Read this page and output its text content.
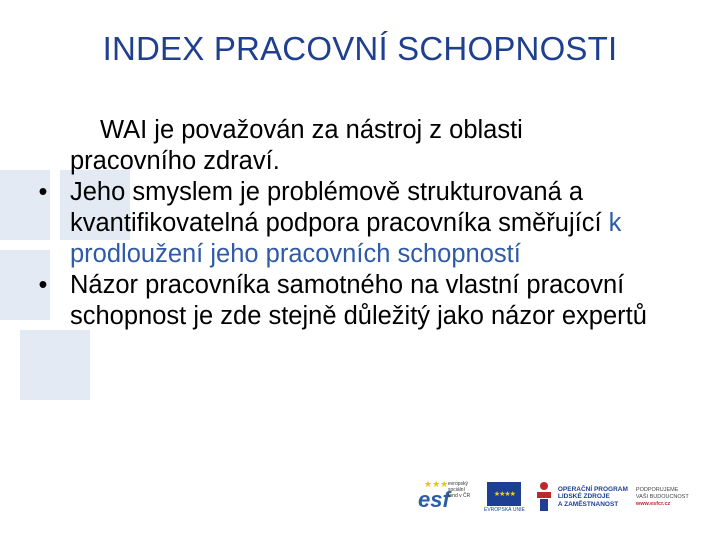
INDEX PRACOVNÍ SCHOPNOSTI

WAI je považován za nástroj z oblasti
pracovního zdraví.

• Jeho smyslem je problémově strukturovaná a kvantifikovatelná podpora pracovníka směřující k prodloužení jeho pracovních schopností

• Názor pracovníka samotného na vlastní pracovní schopnost je zde stejně důležitý jako názor expertů

★★★
esf
evropský sociální fond v ČR	★★★★
EVROPSKÁ UNIE
OPERAČNÍ PROGRAM
LIDSKÉ ZDROJE
A ZAMĚSTNANOST
PODPORUJEME
VAŠI BUDOUCNOST
www.esfcr.cz
